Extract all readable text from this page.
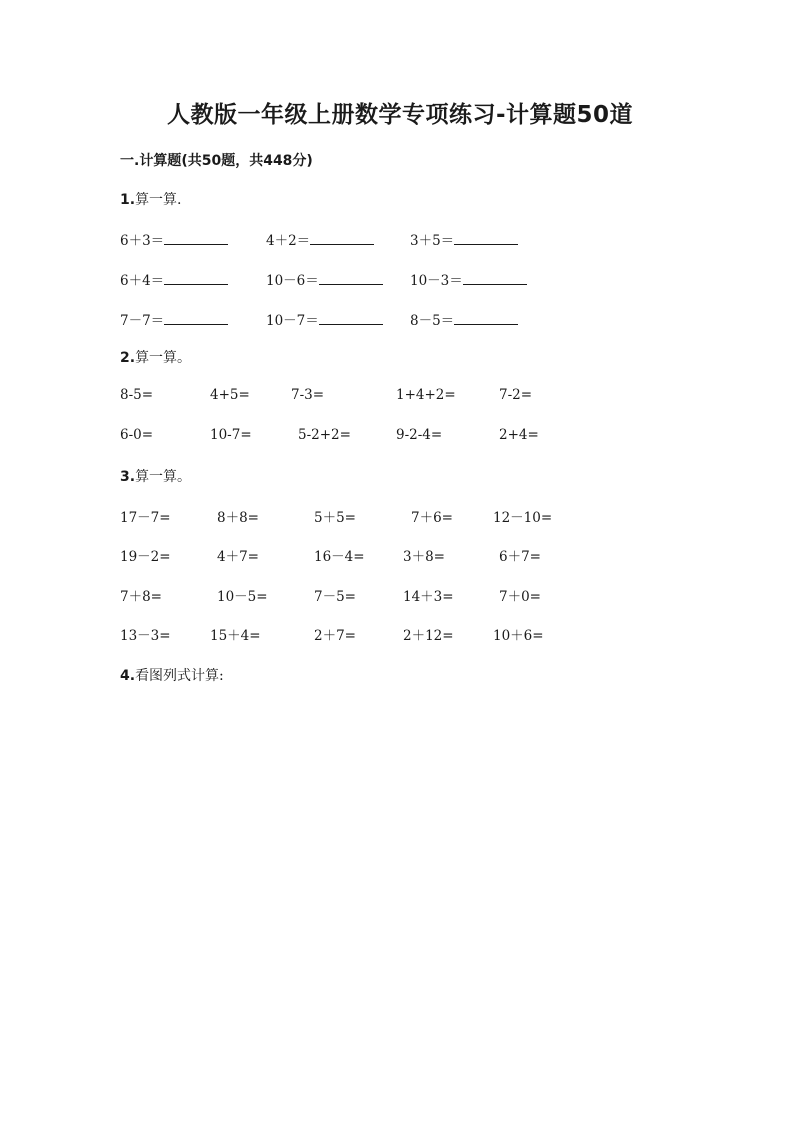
人教版一年级上册数学专项练习-计算题50道
一.计算题(共50题，共448分)
1.算一算.
6＋3＝	4＋2＝	3＋5＝
6＋4＝	10－6＝	10－3＝
7－7＝	10－7＝	8－5＝
2.算一算。
8-5=	4+5=	7-3=	1+4+2=	7-2=
6-0=	10-7=	5-2+2=	9-2-4=	2+4=
3.算一算。
17－7=	8＋8=	5＋5=	7＋6=	12－10=
19－2=	4＋7=	16－4=	3＋8=	6＋7=
7＋8=	10－5=	7－5=	14＋3=	7＋0=
13－3=	15＋4=	2＋7=	2＋12=	10＋6=
4.看图列式计算:
